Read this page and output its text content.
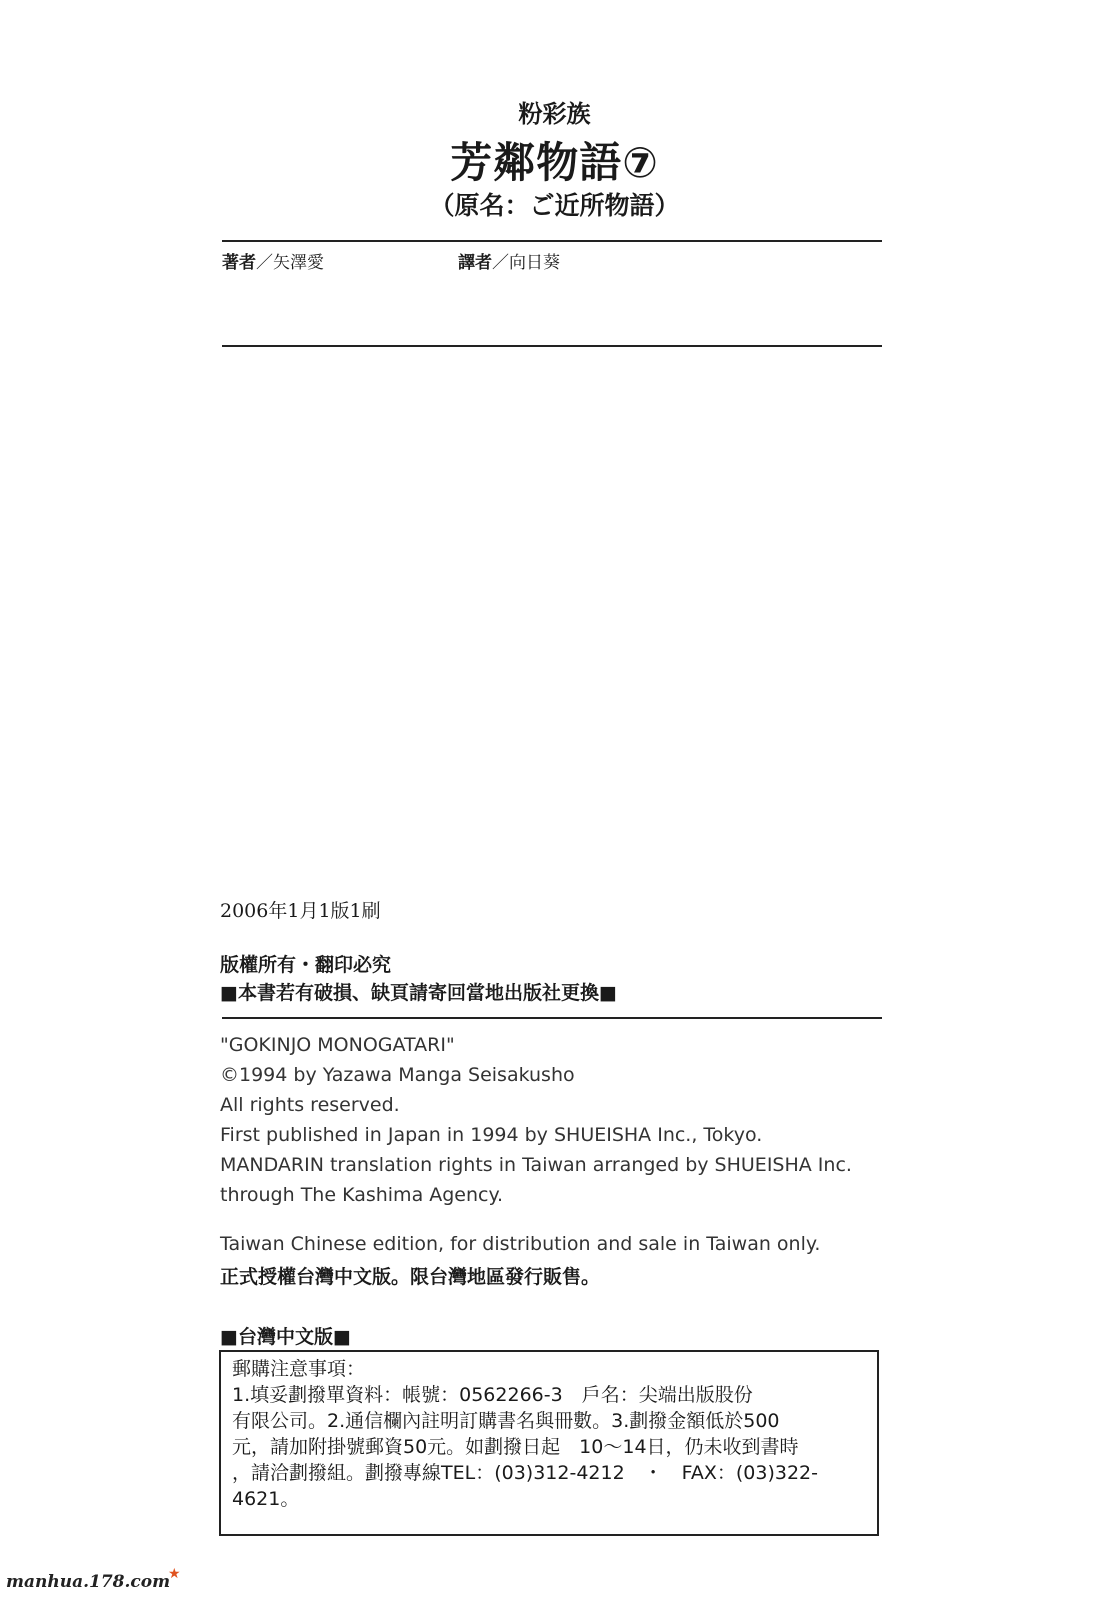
粉彩族
芳鄰物語⑦
（原名：ご近所物語）
著者／矢澤愛	譯者／向日葵
2006年1月1版1刷
版權所有・翻印必究
■本書若有破損、缺頁請寄回當地出版社更換■
"GOKINJO MONOGATARI"
©1994 by Yazawa Manga Seisakusho
All rights reserved.
First published in Japan in 1994 by SHUEISHA Inc., Tokyo.
MANDARIN translation rights in Taiwan arranged by SHUEISHA Inc.
through The Kashima Agency.
Taiwan Chinese edition, for distribution and sale in Taiwan only.
正式授權台灣中文版。限台灣地區發行販售。
■台灣中文版■
郵購注意事項：
1.填妥劃撥單資料：帳號：0562266-3　戶名：尖端出版股份
有限公司。2.通信欄內註明訂購書名與冊數。3.劃撥金額低於500
元，請加附掛號郵資50元。如劃撥日起　10〜14日，仍未收到書時
，請洽劃撥組。劃撥專線TEL：(03)312-4212　・　FAX：(03)322-
4621。
manhua.178.com
★
